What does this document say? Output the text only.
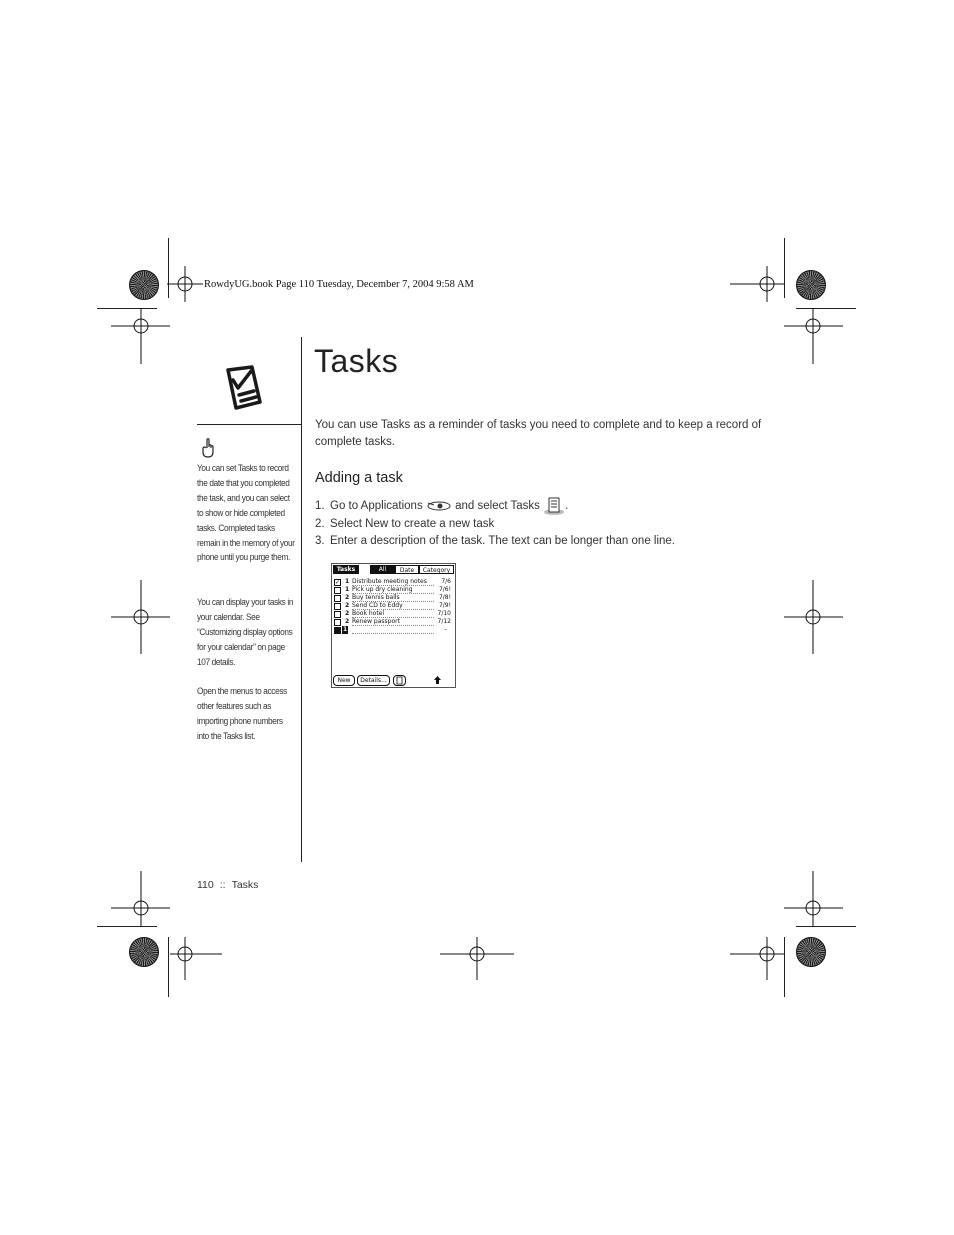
RowdyUG.book Page 110 Tuesday, December 7, 2004 9:58 AM
Tasks

You can use Tasks as a reminder of tasks you need to complete and to keep a record of complete tasks.

Adding a task
1. Go to Applications	and select Tasks .
2. Select New to create a new task
3. Enter a description of the task. The text can be longer than one line.
Tasks	All	Date	Category
✓ 1 Distribute meeting notes	7/6
1 Pick up dry cleaning	7/6!
2 Buy tennis balls	7/8!
2 Send CD to Eddy	7/9!
2 Book hotel	7/10
2 Renew passport	7/12
1	–
New	Details...
You can set Tasks to record the date that you completed the task, and you can select to show or hide completed tasks. Completed tasks remain in the memory of your phone until you purge them.
You can display your tasks in your calendar. See “Customizing display options for your calendar” on page 107 details.
Open the menus to access other features such as importing phone numbers into the Tasks list.
110 :: Tasks
